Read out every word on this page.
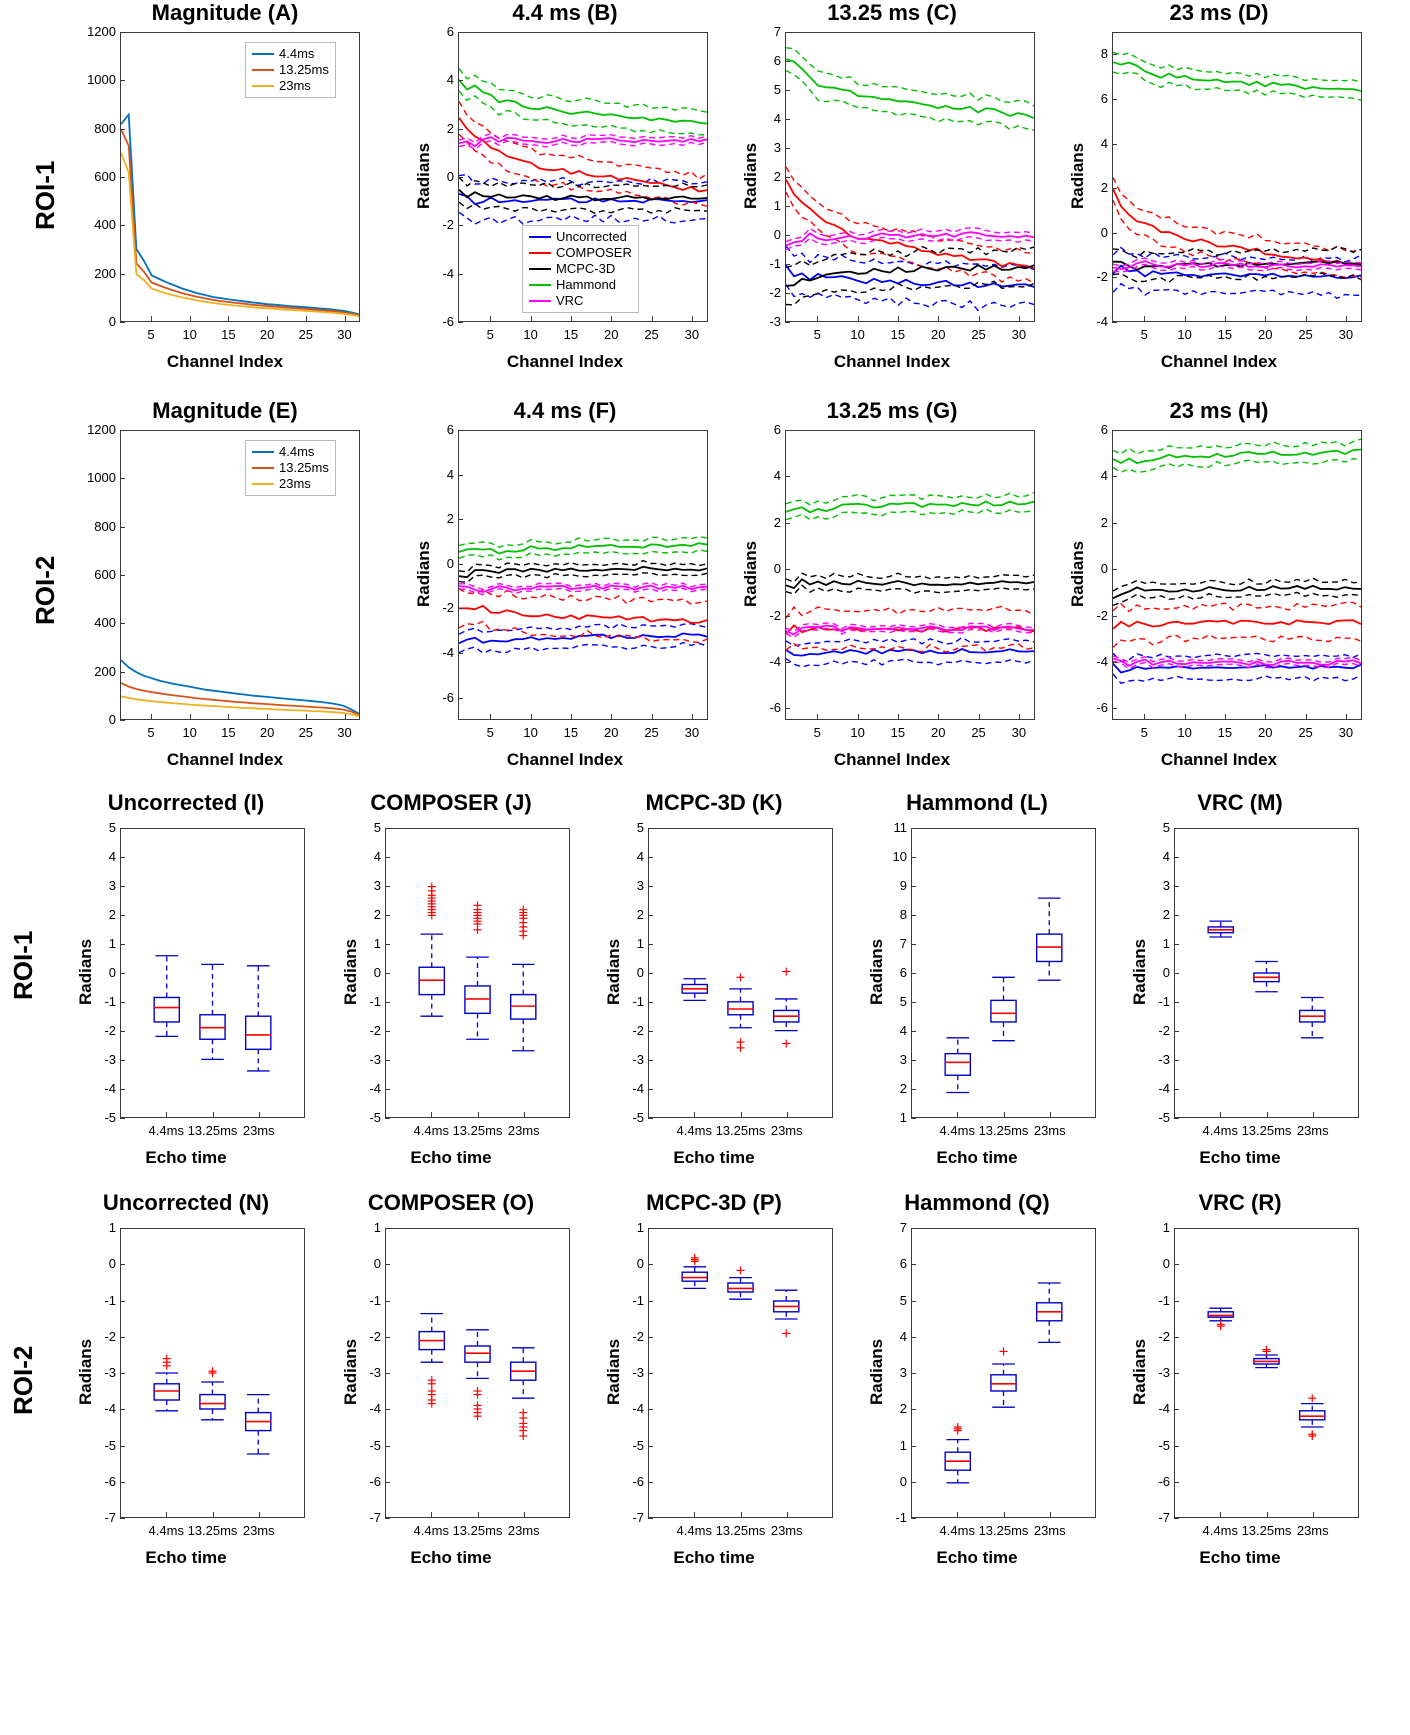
ROI-1
ROI-2
ROI-1
ROI-2
Magnitude (A)
Channel Index
0
200
400
600
800
1000
1200
5	10	15	20	25	30
4.4ms
13.25ms
23ms
4.4 ms (B)
Channel Index
Radians
-6
-4
-2
0
2
4
6
5	10	15	20	25	30
Uncorrected
COMPOSER
MCPC-3D
Hammond
VRC
13.25 ms (C)
Channel Index
Radians
-3
-2
-1
0
1
2
3
4
5
6
7
5	10	15	20	25	30
23 ms (D)
Channel Index
Radians
-4
-2
0
2
4
6
8
5	10	15	20	25	30
Magnitude (E)
Channel Index
0
200
400
600
800
1000
1200
5	10	15	20	25	30
4.4ms
13.25ms
23ms
4.4 ms (F)
Channel Index
Radians
-6
-4
-2
0
2
4
6
5	10	15	20	25	30
13.25 ms (G)
Channel Index
Radians
-6
-4
-2
0
2
4
6
5	10	15	20	25	30
23 ms (H)
Channel Index
Radians
-6
-4
-2
0
2
4
6
5	10	15	20	25	30
Uncorrected (I)
Echo time
Radians
-5
-4
-3
-2
-1
0
1
2
3
4
5
4.4ms 13.25ms 23ms
COMPOSER (J)
Echo time
Radians
-5
-4
-3
-2
-1
0
1
2
3
4
5
4.4ms 13.25ms 23ms
MCPC-3D (K)
Echo time
Radians
-5
-4
-3
-2
-1
0
1
2
3
4
5
4.4ms 13.25ms 23ms
Hammond (L)
Echo time
Radians
1
2
3
4
5
6
7
8
9
10
11
4.4ms 13.25ms 23ms
VRC (M)
Echo time
Radians
-5
-4
-3
-2
-1
0
1
2
3
4
5
4.4ms 13.25ms 23ms
Uncorrected (N)
Echo time
Radians
-7
-6
-5
-4
-3
-2
-1
0
1
4.4ms 13.25ms 23ms
COMPOSER (O)
Echo time
Radians
-7
-6
-5
-4
-3
-2
-1
0
1
4.4ms 13.25ms 23ms
MCPC-3D (P)
Echo time
Radians
-7
-6
-5
-4
-3
-2
-1
0
1
4.4ms 13.25ms 23ms
Hammond (Q)
Echo time
Radians
-1
0
1
2
3
4
5
6
7
4.4ms 13.25ms 23ms
VRC (R)
Echo time
Radians
-7
-6
-5
-4
-3
-2
-1
0
1
4.4ms 13.25ms 23ms
